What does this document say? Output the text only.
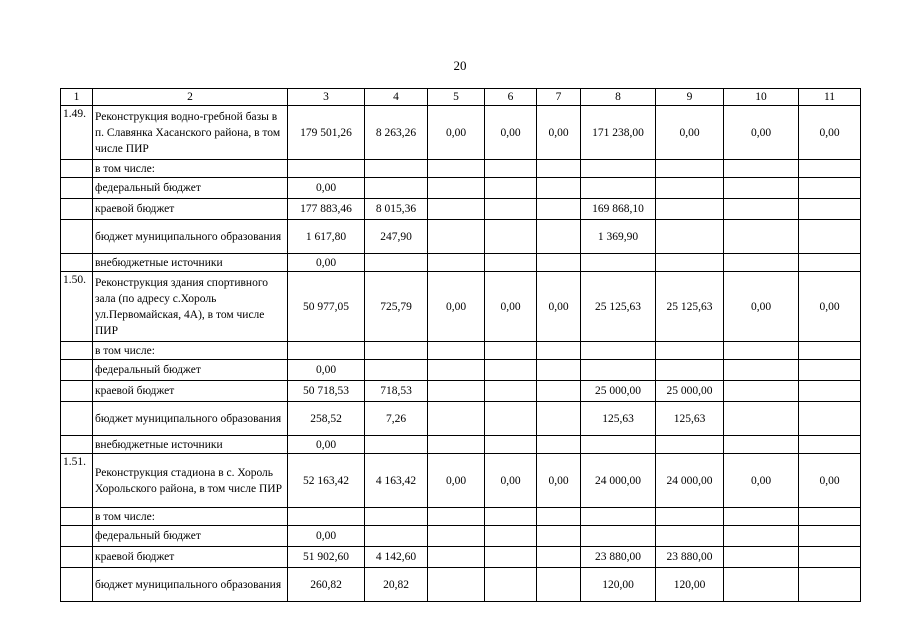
20
1	2	3	4	5	6	7	8	9	10	11
1.49.	Реконструкция водно-гребной базы в п. Славянка Хасанского района, в том числе ПИР	179 501,26	8 263,26	0,00	0,00	0,00	171 238,00	0,00	0,00	0,00
	в том числе:									
	федеральный бюджет	0,00								
	краевой бюджет	177 883,46	8 015,36				169 868,10			
	бюджет муниципального образования	1 617,80	247,90				1 369,90			
	внебюджетные источники	0,00								
1.50.	Реконструкция здания спортивного зала (по адресу с.Хороль ул.Первомайская, 4А), в том числе ПИР	50 977,05	725,79	0,00	0,00	0,00	25 125,63	25 125,63	0,00	0,00
	в том числе:									
	федеральный бюджет	0,00								
	краевой бюджет	50 718,53	718,53				25 000,00	25 000,00		
	бюджет муниципального образования	258,52	7,26				125,63	125,63		
	внебюджетные источники	0,00								
1.51.	Реконструкция стадиона в с. Хороль Хорольского района, в том числе ПИР	52 163,42	4 163,42	0,00	0,00	0,00	24 000,00	24 000,00	0,00	0,00
	в том числе:									
	федеральный бюджет	0,00								
	краевой бюджет	51 902,60	4 142,60				23 880,00	23 880,00		
	бюджет муниципального образования	260,82	20,82				120,00	120,00		
